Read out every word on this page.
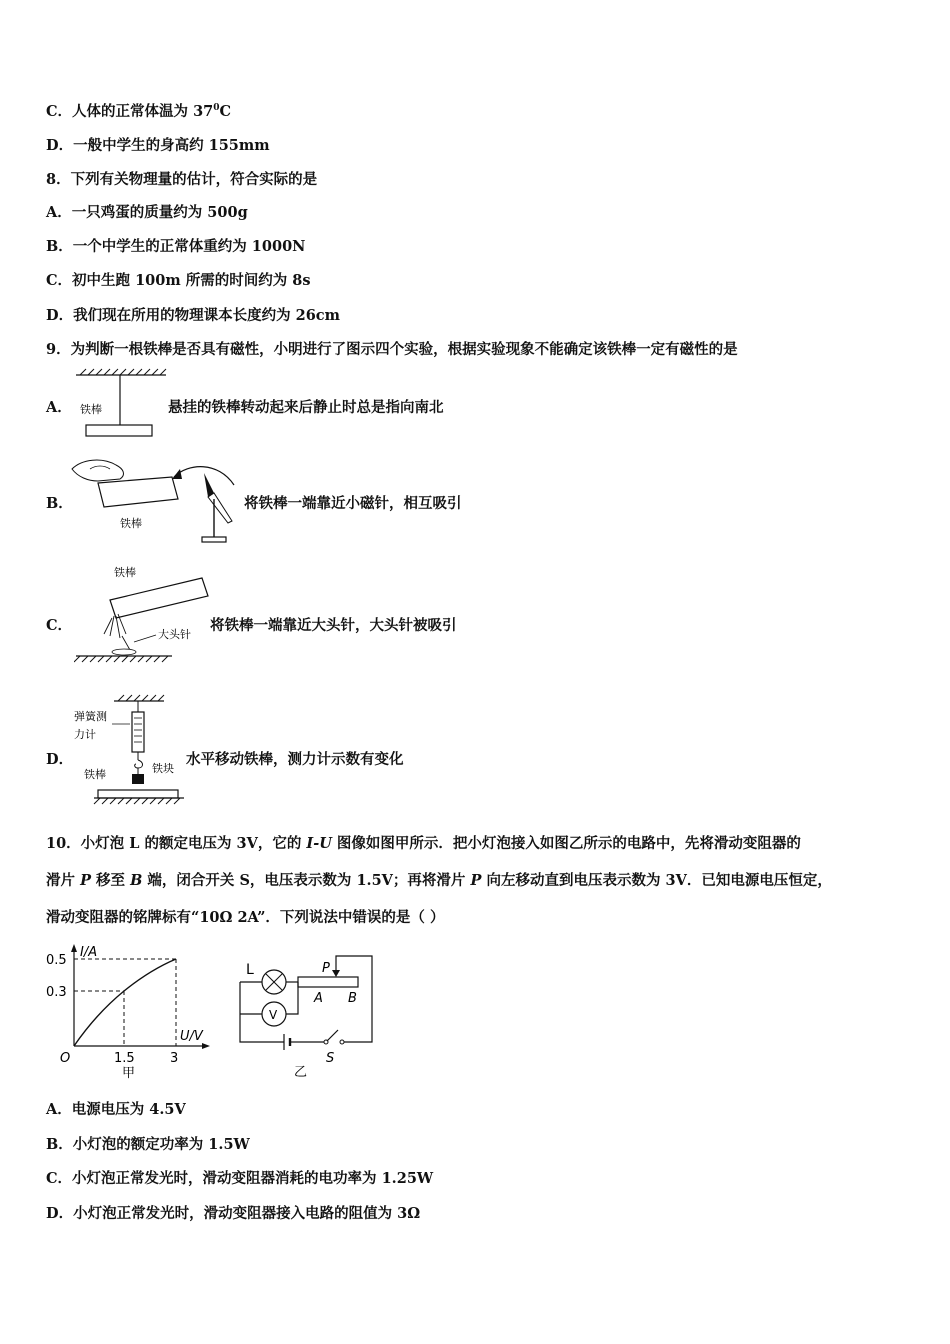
C．人体的正常体温为 $37^0C$
D．一般中学生的身高约 155mm
8．下列有关物理量的估计，符合实际的是
A．一只鸡蛋的质量约为 500g
B．一个中学生的正常体重约为 1000N
C．初中生跑 100m 所需的时间约为 8s
D．我们现在所用的物理课本长度约为 26cm
9．为判断一根铁棒是否具有磁性，小明进行了图示四个实验，根据实验现象不能确定该铁棒一定有磁性的是
A． 铁棒	悬挂的铁棒转动起来后静止时总是指向南北
B．
铁棒
将铁棒一端靠近小磁针，相互吸引
C．
铁棒
大头针
将铁棒一端靠近大头针，大头针被吸引
D．
弹簧测
力计
铁块
铁棒
水平移动铁棒，测力计示数有变化
10．小灯泡 L 的额定电压为 3V，它的 I-U 图像如图甲所示．把小灯泡接入如图乙所示的电路中，先将滑动变阻器的
滑片 P 移至 B 端，闭合开关 S，电压表示数为 1.5V；再将滑片 P 向左移动直到电压表示数为 3V．已知电源电压恒定，
滑动变阻器的铭牌标有“10Ω 2A”．下列说法中错误的是（ ）
I/A
U/V
0.5
0.3
O	1.5	3
甲
S
L
A B
P
V
乙
A．电源电压为 4.5V
B．小灯泡的额定功率为 1.5W
C．小灯泡正常发光时，滑动变阻器消耗的电功率为 1.25W
D．小灯泡正常发光时，滑动变阻器接入电路的阻值为 3Ω
